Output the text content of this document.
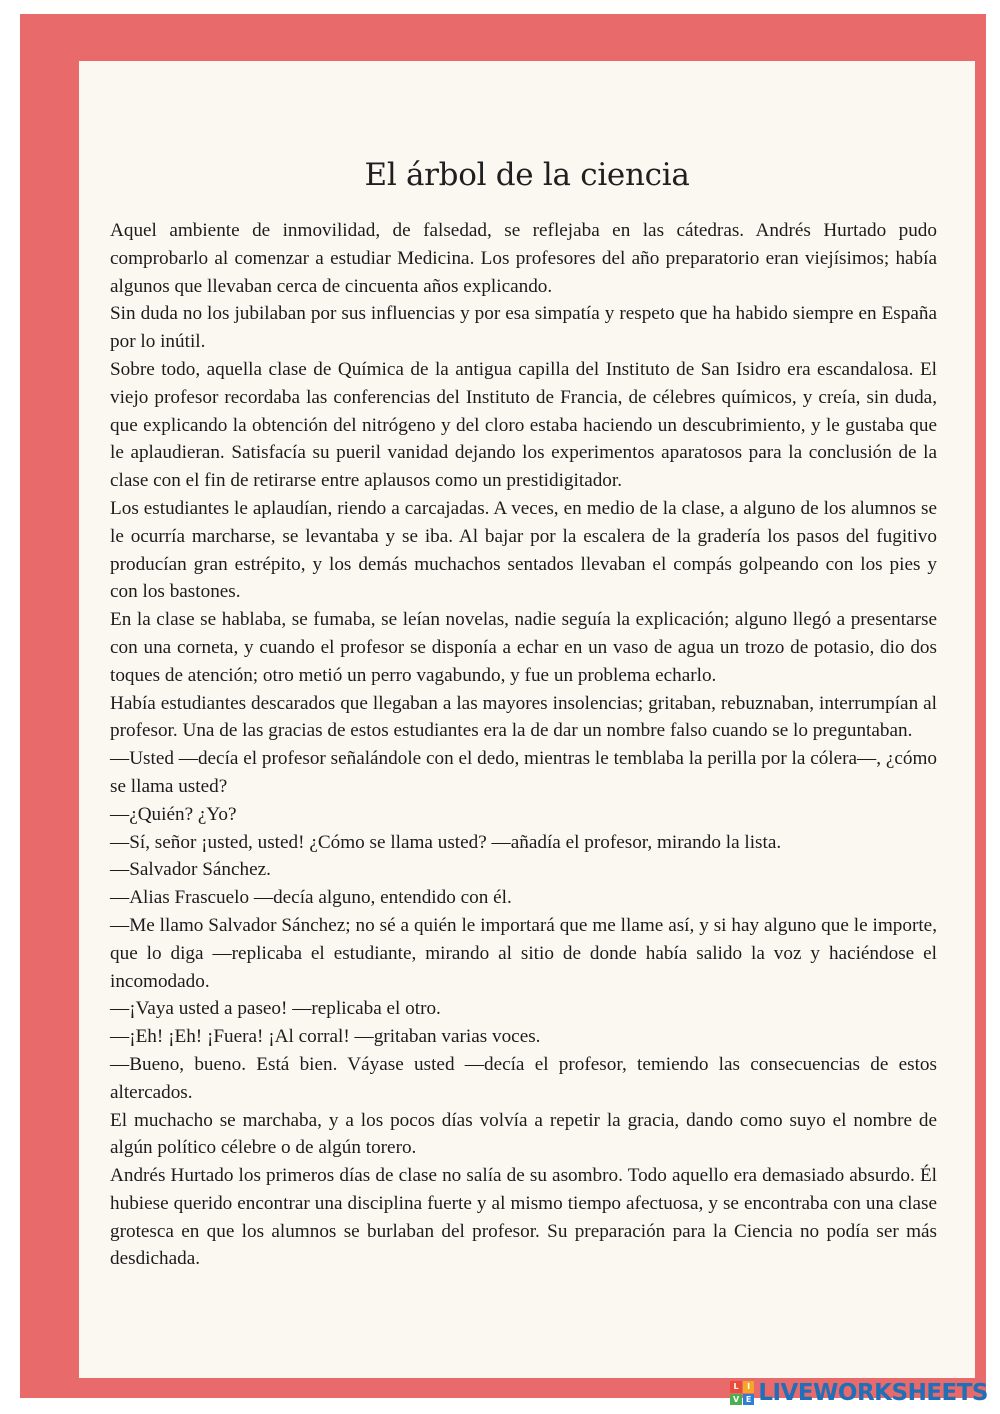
El árbol de la ciencia

Aquel ambiente de inmovilidad, de falsedad, se reflejaba en las cátedras. Andrés Hurtado pudo comprobarlo al comenzar a estudiar Medicina. Los profesores del año preparatorio eran viejísimos; había algunos que llevaban cerca de cincuenta años explicando.

Sin duda no los jubilaban por sus influencias y por esa simpatía y respeto que ha habido siempre en España por lo inútil.

Sobre todo, aquella clase de Química de la antigua capilla del Instituto de San Isidro era escandalosa. El viejo profesor recordaba las conferencias del Instituto de Francia, de célebres químicos, y creía, sin duda, que explicando la obtención del nitrógeno y del cloro estaba haciendo un descubrimiento, y le gustaba que le aplaudieran. Satisfacía su pueril vanidad dejando los experimentos aparatosos para la conclusión de la clase con el fin de retirarse entre aplausos como un prestidigitador.

Los estudiantes le aplaudían, riendo a carcajadas. A veces, en medio de la clase, a alguno de los alumnos se le ocurría marcharse, se levantaba y se iba. Al bajar por la escalera de la gradería los pasos del fugitivo producían gran estrépito, y los demás muchachos sentados llevaban el compás golpeando con los pies y con los bastones.

En la clase se hablaba, se fumaba, se leían novelas, nadie seguía la explicación; alguno llegó a presentarse con una corneta, y cuando el profesor se disponía a echar en un vaso de agua un trozo de potasio, dio dos toques de atención; otro metió un perro vagabundo, y fue un problema echarlo.

Había estudiantes descarados que llegaban a las mayores insolencias; gritaban, rebuznaban, interrumpían al profesor. Una de las gracias de estos estudiantes era la de dar un nombre falso cuando se lo preguntaban.

—Usted —decía el profesor señalándole con el dedo, mientras le temblaba la perilla por la cólera—, ¿cómo se llama usted?

—¿Quién? ¿Yo?

—Sí, señor ¡usted, usted! ¿Cómo se llama usted? —añadía el profesor, mirando la lista.

—Salvador Sánchez.

—Alias Frascuelo —decía alguno, entendido con él.

—Me llamo Salvador Sánchez; no sé a quién le importará que me llame así, y si hay alguno que le importe, que lo diga —replicaba el estudiante, mirando al sitio de donde había salido la voz y haciéndose el incomodado.

—¡Vaya usted a paseo! —replicaba el otro.

—¡Eh! ¡Eh! ¡Fuera! ¡Al corral! —gritaban varias voces.

—Bueno, bueno. Está bien. Váyase usted —decía el profesor, temiendo las consecuencias de estos altercados.

El muchacho se marchaba, y a los pocos días volvía a repetir la gracia, dando como suyo el nombre de algún político célebre o de algún torero.

Andrés Hurtado los primeros días de clase no salía de su asombro. Todo aquello era demasiado absurdo. Él hubiese querido encontrar una disciplina fuerte y al mismo tiempo afectuosa, y se encontraba con una clase grotesca en que los alumnos se burlaban del profesor. Su preparación para la Ciencia no podía ser más desdichada.

L	I
V E LIVEWORKSHEETS
